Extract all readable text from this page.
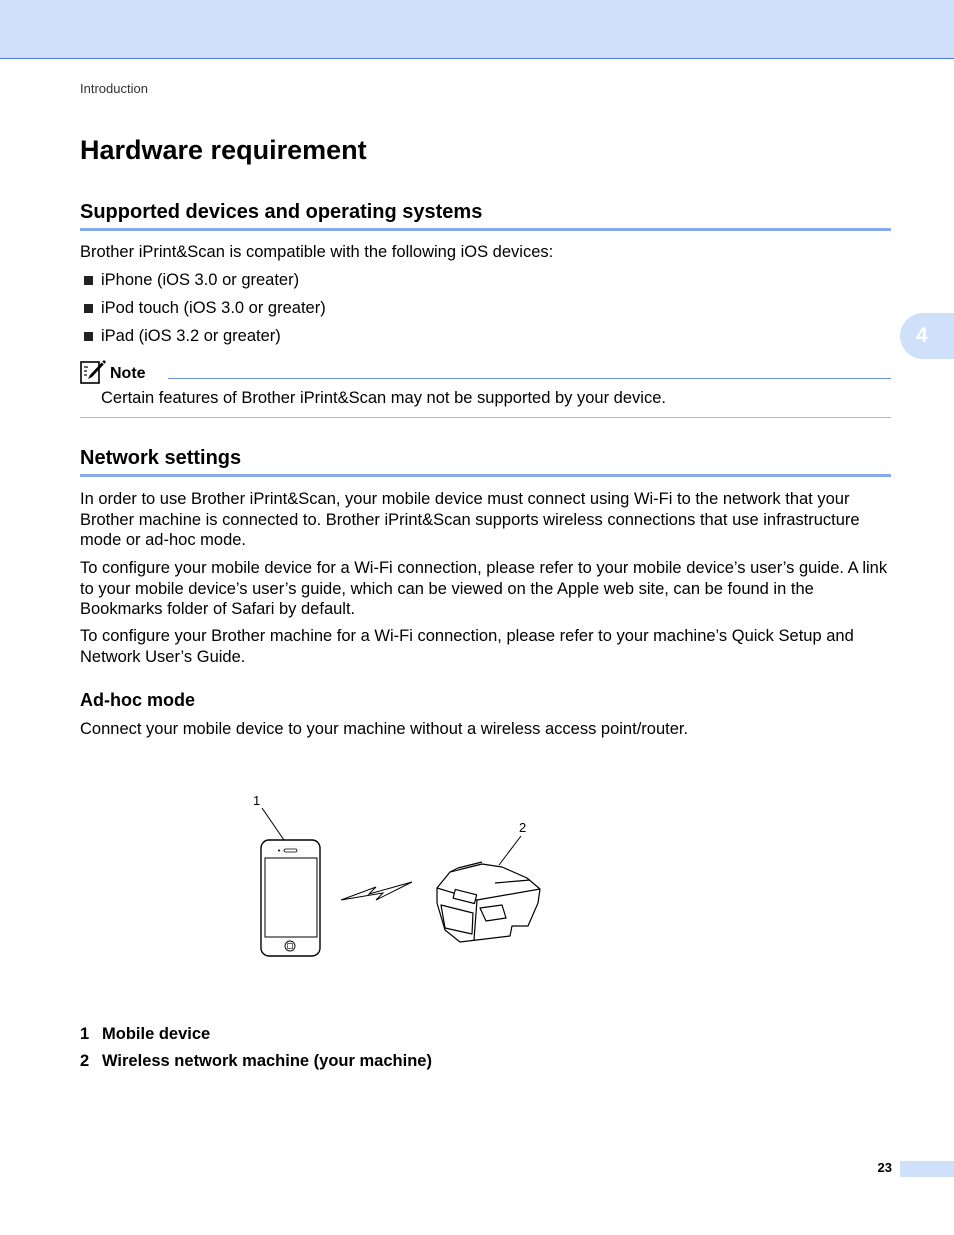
Introduction
4
Hardware requirement
Supported devices and operating systems

Brother iPrint&Scan is compatible with the following iOS devices:

iPhone (iOS 3.0 or greater)
iPod touch (iOS 3.0 or greater)
iPad (iOS 3.2 or greater)
Note
Certain features of Brother iPrint&Scan may not be supported by your device.
Network settings

In order to use Brother iPrint&Scan, your mobile device must connect using Wi-Fi to the network that your Brother machine is connected to. Brother iPrint&Scan supports wireless connections that use infrastructure mode or ad-hoc mode.

To configure your mobile device for a Wi-Fi connection, please refer to your mobile device’s user’s guide. A link to your mobile device’s user’s guide, which can be viewed on the Apple web site, can be found in the Bookmarks folder of Safari by default.

To configure your Brother machine for a Wi-Fi connection, please refer to your machine’s Quick Setup and Network User’s Guide.

Ad-hoc mode

Connect your mobile device to your machine without a wireless access point/router.

1
2
1 Mobile device
2 Wireless network machine (your machine)
23
